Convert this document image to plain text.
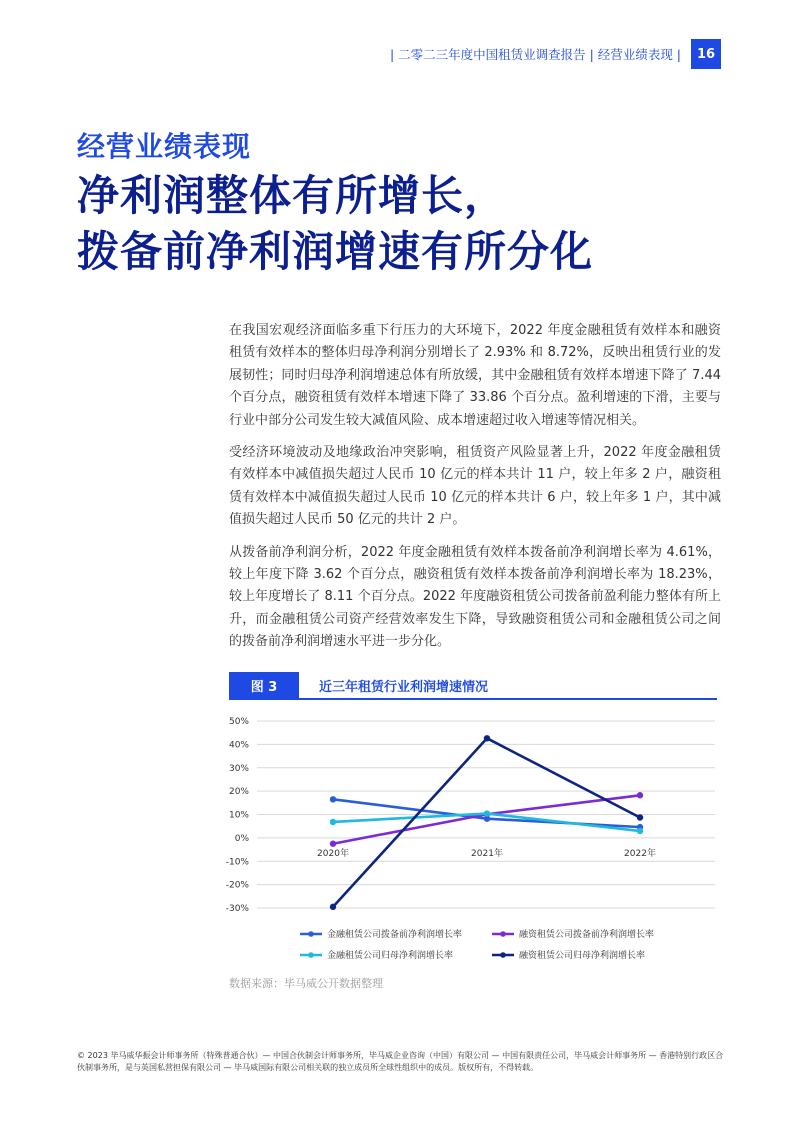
| 二零二三年度中国租赁业调查报告 | 经营业绩表现 |	16
经营业绩表现
净利润整体有所增长，
拨备前净利润增速有所分化

在我国宏观经济面临多重下行压力的大环境下，2022 年度金融租赁有效样本和融资租赁有效样本的整体归母净利润分别增长了 2.93% 和 8.72%，反映出租赁行业的发展韧性；同时归母净利润增速总体有所放缓，其中金融租赁有效样本增速下降了 7.44 个百分点，融资租赁有效样本增速下降了 33.86 个百分点。盈利增速的下滑，主要与行业中部分公司发生较大减值风险、成本增速超过收入增速等情况相关。

受经济环境波动及地缘政治冲突影响，租赁资产风险显著上升，2022 年度金融租赁有效样本中减值损失超过人民币 10 亿元的样本共计 11 户，较上年多 2 户，融资租赁有效样本中减值损失超过人民币 10 亿元的样本共计 6 户，较上年多 1 户，其中减值损失超过人民币 50 亿元的共计 2 户。

从拨备前净利润分析，2022 年度金融租赁有效样本拨备前净利润增长率为 4.61%，较上年度下降 3.62 个百分点，融资租赁有效样本拨备前净利润增长率为 18.23%，较上年度增长了 8.11 个百分点。2022 年度融资租赁公司拨备前盈利能力整体有所上升，而金融租赁公司资产经营效率发生下降，导致融资租赁公司和金融租赁公司之间的拨备前净利润增速水平进一步分化。

图 3	近三年租赁行业利润增速情况
50%
40%
30%
20%
10%
0%
-10%
-20%
-30%
2020年	2021年	2022年
金融租赁公司拨备前净利润增长率	融资租赁公司拨备前净利润增长率
金融租赁公司归母净利润增长率	融资租赁公司归母净利润增长率
数据来源：毕马威公开数据整理
© 2023 毕马威华振会计师事务所（特殊普通合伙）— 中国合伙制会计师事务所，毕马威企业咨询（中国）有限公司 — 中国有限责任公司，毕马威会计师事务所 — 香港特别行政区合伙制事务所，是与英国私营担保有限公司 — 毕马威国际有限公司相关联的独立成员所全球性组织中的成员。版权所有，不得转载。
